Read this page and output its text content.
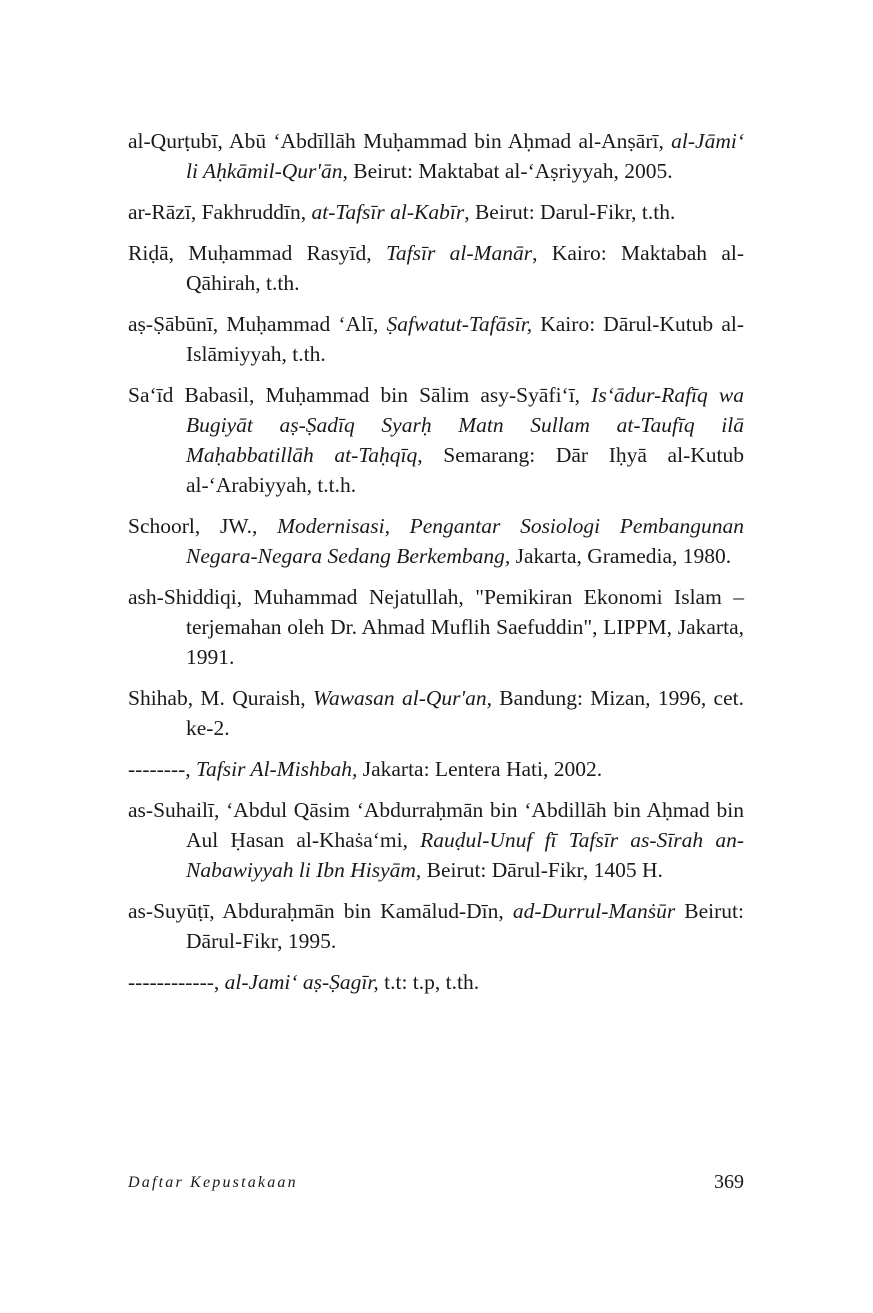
al-Qurṭubī, Abū ‘Abdīllāh Muḥammad bin Aḥmad al-Anṣārī, al-Jāmi‘ li Aḥkāmil-Qur'ān, Beirut: Maktabat al-‘Aṣriyyah, 2005.

ar-Rāzī, Fakhruddīn, at-Tafsīr al-Kabīr, Beirut: Darul-Fikr, t.th.

Riḍā, Muḥammad Rasyīd, Tafsīr al-Manār, Kairo: Maktabah al-Qāhirah, t.th.

aṣ-Ṣābūnī, Muḥammad ‘Alī, Ṣafwatut-Tafāsīr, Kairo: Dārul-Kutub al-Islāmiyyah, t.th.

Sa‘īd Babasil, Muḥammad bin Sālim asy-Syāfi‘ī, Is‘ādur-Rafīq wa Bugiyāt aṣ-Ṣadīq Syarḥ Matn Sullam at-Taufīq ilā Maḥabbatillāh at-Taḥqīq, Semarang: Dār Iḥyā al-Kutub al-‘Arabiyyah, t.t.h.

Schoorl, JW., Modernisasi, Pengantar Sosiologi Pembangunan Negara-Negara Sedang Berkembang, Jakarta, Gramedia, 1980.

ash-Shiddiqi, Muhammad Nejatullah, "Pemikiran Ekonomi Islam – terjemahan oleh Dr. Ahmad Muflih Saefuddin", LIPPM, Jakarta, 1991.

Shihab, M. Quraish, Wawasan al-Qur'an, Bandung: Mizan, 1996, cet. ke-2.

--------, Tafsir Al-Mishbah, Jakarta: Lentera Hati, 2002.

as-Suhailī, ‘Abdul Qāsim ‘Abdurraḥmān bin ‘Abdillāh bin Aḥmad bin Aul Ḥasan al-Khaṡa‘mi, Rauḍul-Unuf fī Tafsīr as-Sīrah an-Nabawiyyah li Ibn Hisyām, Beirut: Dārul-Fikr, 1405 H.

as-Suyūṭī, Abduraḥmān bin Kamālud-Dīn, ad-Durrul-Manṡūr Beirut: Dārul-Fikr, 1995.

------------, al-Jami‘ aṣ-Ṣagīr, t.t: t.p, t.th.

Daftar Kepustakaan	369
